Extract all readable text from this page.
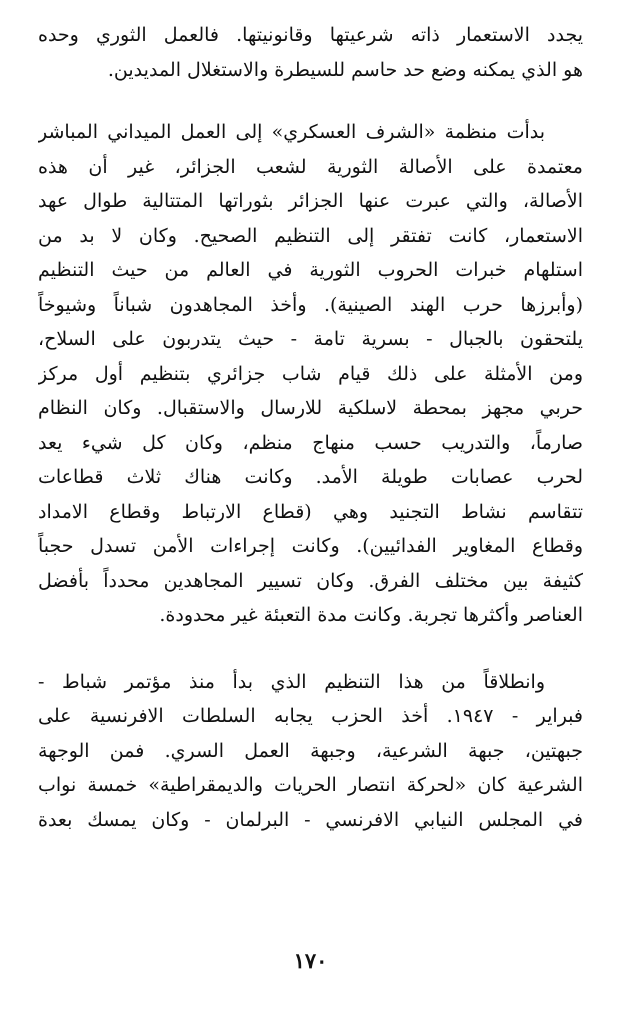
يجدد الاستعمار ذاته شرعيتها وقانونيتها. فالعمل الثوري وحده
هو الذي يمكنه وضع حد حاسم للسيطرة والاستغلال المديدين.
بدأت منظمة «الشرف العسكري» إلى العمل الميداني المباشر
معتمدة على الأصالة الثورية لشعب الجزائر، غير أن هذه
الأصالة، والتي عبرت عنها الجزائر بثوراتها المتتالية طوال عهد
الاستعمار، كانت تفتقر إلى التنظيم الصحيح. وكان لا بد من
استلهام خبرات الحروب الثورية في العالم من حيث التنظيم
(وأبرزها حرب الهند الصينية). وأخذ المجاهدون شباناً وشيوخاً
يلتحقون بالجبال - بسرية تامة - حيث يتدربون على السلاح،
ومن الأمثلة على ذلك قيام شاب جزائري بتنظيم أول مركز
حربي مجهز بمحطة لاسلكية للارسال والاستقبال. وكان النظام
صارماً، والتدريب حسب منهاج منظم، وكان كل شيء يعد
لحرب عصابات طويلة الأمد. وكانت هناك ثلاث قطاعات
تتقاسم نشاط التجنيد وهي (قطاع الارتباط وقطاع الامداد
وقطاع المغاوير الفدائيين). وكانت إجراءات الأمن تسدل حجباً
كثيفة بين مختلف الفرق. وكان تسيير المجاهدين محدداً بأفضل
العناصر وأكثرها تجربة. وكانت مدة التعبئة غير محدودة.
وانطلاقاً من هذا التنظيم الذي بدأ منذ مؤتمر شباط -
فبراير - ١٩٤٧. أخذ الحزب يجابه السلطات الافرنسية على
جبهتين، جبهة الشرعية، وجبهة العمل السري. فمن الوجهة
الشرعية كان «لحركة انتصار الحريات والديمقراطية» خمسة نواب
في المجلس النيابي الافرنسي - البرلمان - وكان يمسك بعدة
١٧٠
